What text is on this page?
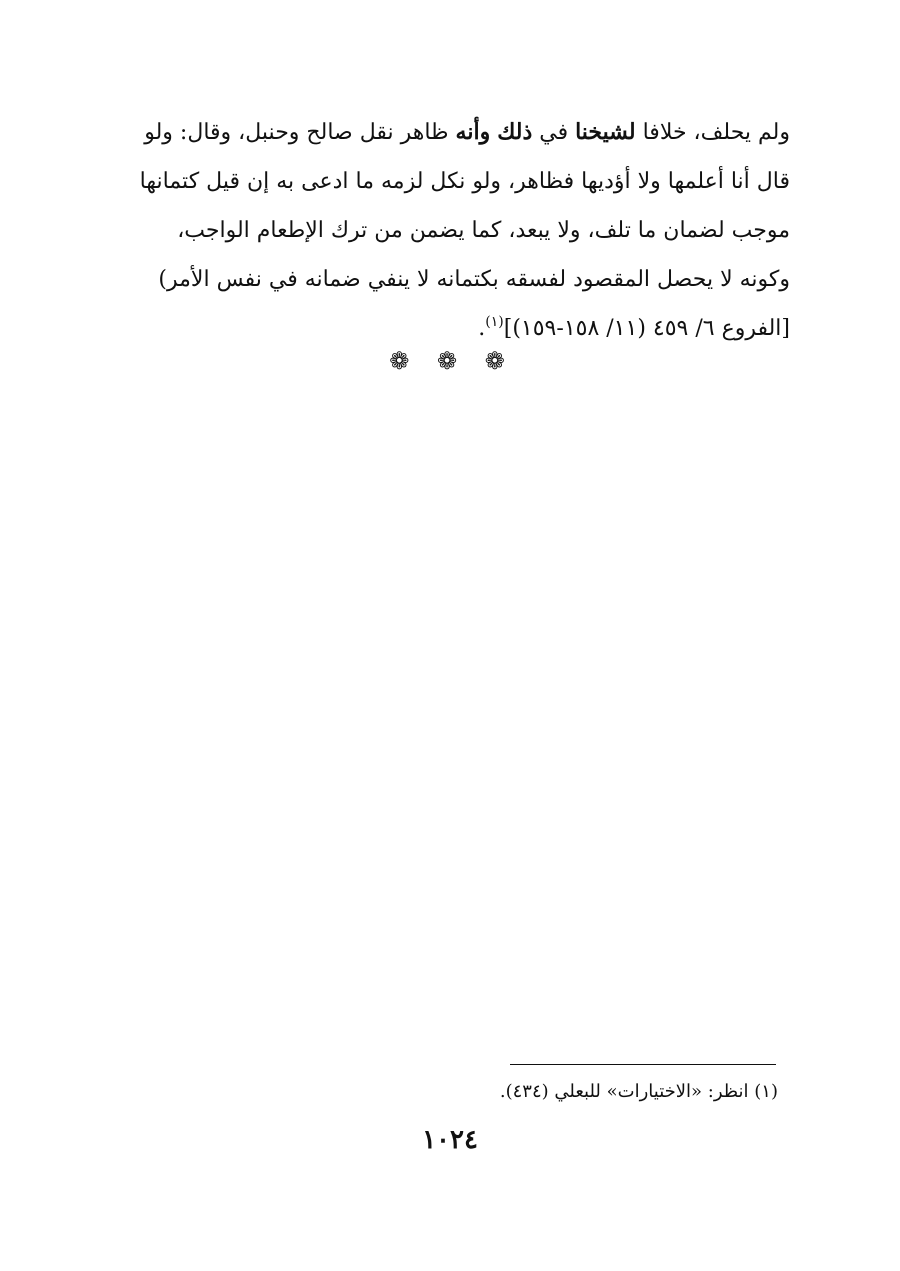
ولم يحلف، خلافا لشيخنا في ذلك وأنه ظاهر نقل صالح وحنبل، وقال: ولو
قال أنا أعلمها ولا أؤديها فظاهر، ولو نكل لزمه ما ادعى به إن قيل كتمانها
موجب لضمان ما تلف، ولا يبعد، كما يضمن من ترك الإطعام الواجب،
وكونه لا يحصل المقصود لفسقه بكتمانه لا ينفي ضمانه في نفس الأمر)
[الفروع ٦/ ٤٥٩ (١١/ ١٥٨-١٥٩)]$^{(١)}$.
❁ ❁ ❁
(١) انظر: «الاختيارات» للبعلي (٤٣٤).
١٠٢٤
